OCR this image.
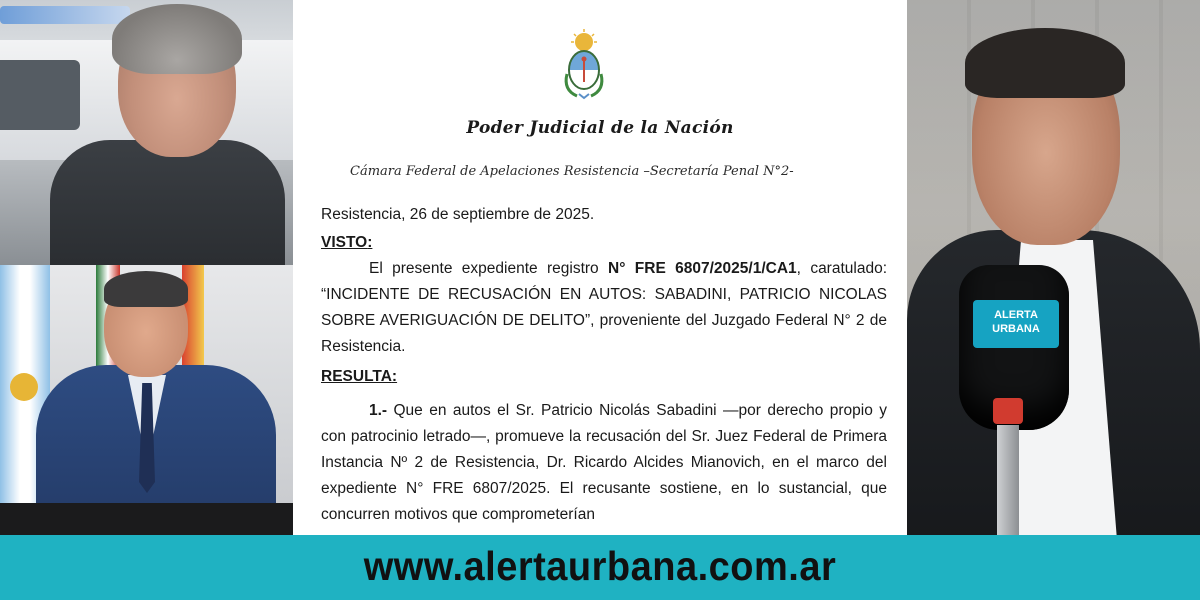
Poder Judicial de la Nación
Cámara Federal de Apelaciones Resistencia –Secretaría Penal N°2-
Resistencia, 26 de septiembre de 2025.
VISTO:
El presente expediente registro N° FRE 6807/2025/1/CA1, caratulado: “INCIDENTE DE RECUSACIÓN EN AUTOS: SABADINI, PATRICIO NICOLAS SOBRE AVERIGUACIÓN DE DELITO”, proveniente del Juzgado Federal N° 2 de Resistencia.
RESULTA:
1.- Que en autos el Sr. Patricio Nicolás Sabadini —por derecho propio y con patrocinio letrado—, promueve la recusación del Sr. Juez Federal de Primera Instancia Nº 2 de Resistencia, Dr. Ricardo Alcides Mianovich, en el marco del expediente N° FRE 6807/2025. El recusante sostiene, en lo sustancial, que concurren motivos que comprometerían
ALERTA
URBANA
www.alertaurbana.com.ar
